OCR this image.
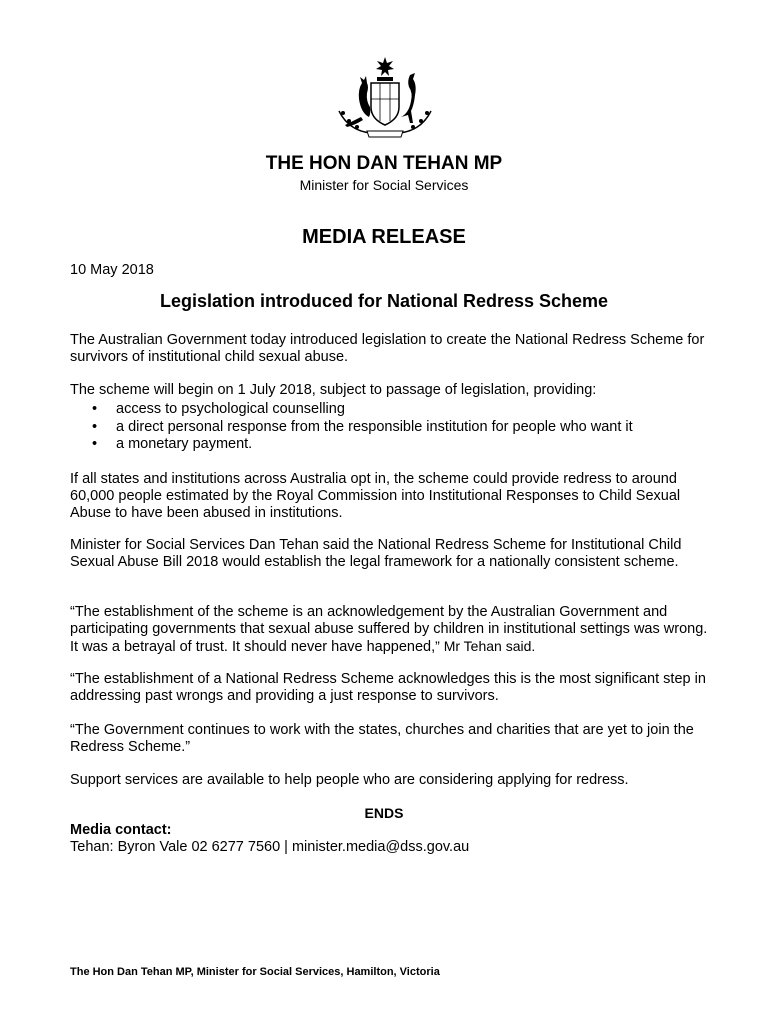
THE HON DAN TEHAN MP

Minister for Social Services

MEDIA RELEASE

10 May 2018

Legislation introduced for National Redress Scheme

The Australian Government today introduced legislation to create the National Redress Scheme for survivors of institutional child sexual abuse.

The scheme will begin on 1 July 2018, subject to passage of legislation, providing:

• access to psychological counselling
• a direct personal response from the responsible institution for people who want it
• a monetary payment.

If all states and institutions across Australia opt in, the scheme could provide redress to around 60,000 people estimated by the Royal Commission into Institutional Responses to Child Sexual Abuse to have been abused in institutions.

Minister for Social Services Dan Tehan said the National Redress Scheme for Institutional Child Sexual Abuse Bill 2018 would establish the legal framework for a nationally consistent scheme.

“The establishment of the scheme is an acknowledgement by the Australian Government and participating governments that sexual abuse suffered by children in institutional settings was wrong. It was a betrayal of trust. It should never have happened,” Mr Tehan said.

“The establishment of a National Redress Scheme acknowledges this is the most significant step in addressing past wrongs and providing a just response to survivors.

“The Government continues to work with the states, churches and charities that are yet to join the Redress Scheme.”

Support services are available to help people who are considering applying for redress.

ENDS

Media contact:

Tehan: Byron Vale 02 6277 7560 | minister.media@dss.gov.au

The Hon Dan Tehan MP, Minister for Social Services, Hamilton, Victoria
